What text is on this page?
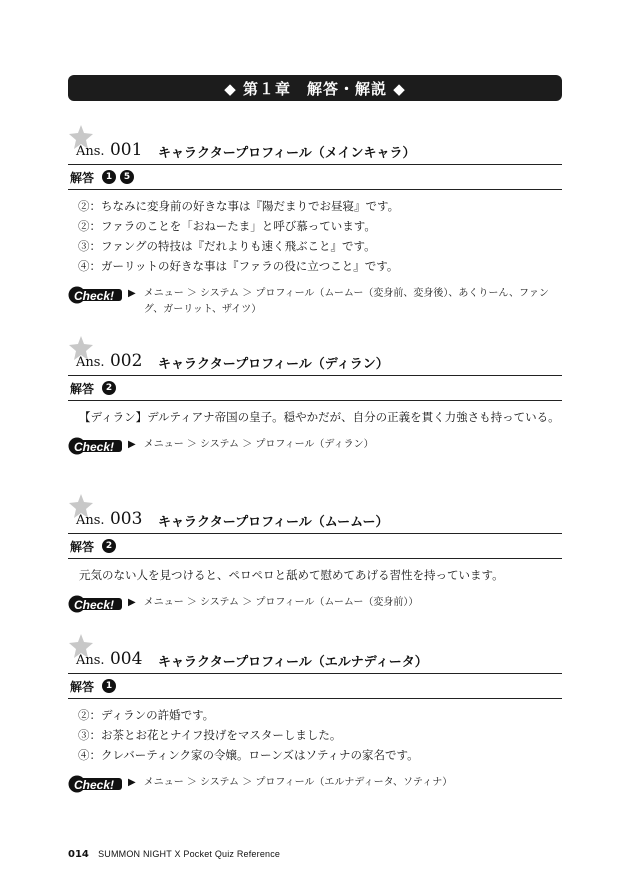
◆ 第１章　解答・解説 ◆
Ans. 001 キャラクタープロフィール（メインキャラ）
解答	1	5
②：ちなみに変身前の好きな事は『陽だまりでお昼寝』です。
②：ファラのことを「おねーたま」と呼び慕っています。
③：ファングの特技は『だれよりも速く飛ぶこと』です。
④：ガーリットの好きな事は『ファラの役に立つこと』です。
Check! ▶ メニュー ＞ システム ＞ プロフィール（ムームー（変身前、変身後）、あくりーん、ファング、ガーリット、ザイツ）
Ans. 002 キャラクタープロフィール（ディラン）
解答	2
【ディラン】デルティアナ帝国の皇子。穏やかだが、自分の正義を貫く力強さも持っている。
Check! ▶ メニュー ＞ システム ＞ プロフィール（ディラン）
Ans. 003 キャラクタープロフィール（ムームー）
解答	2
元気のない人を見つけると、ペロペロと舐めて慰めてあげる習性を持っています。
Check! ▶ メニュー ＞ システム ＞ プロフィール（ムームー（変身前））
Ans. 004 キャラクタープロフィール（エルナディータ）
解答	1
②：ディランの許婚です。
③：お茶とお花とナイフ投げをマスターしました。
④：クレバーティンク家の令嬢。ローンズはソティナの家名です。
Check! ▶ メニュー ＞ システム ＞ プロフィール（エルナディータ、ソティナ）
014 SUMMON NIGHT X Pocket Quiz Reference
